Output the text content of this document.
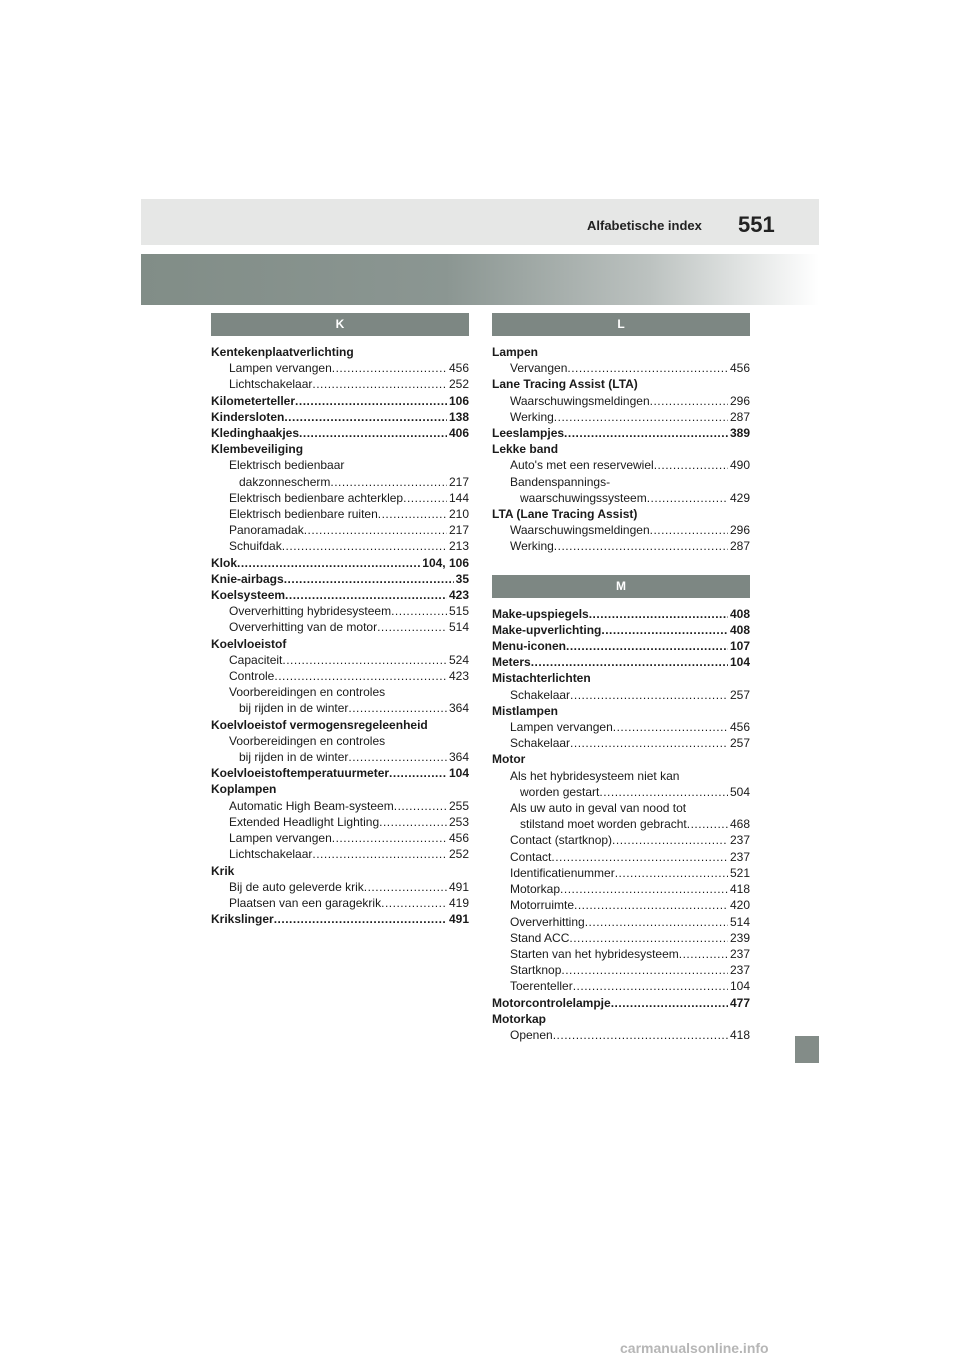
Alfabetische index 551
K
Kentekenplaatverlichting
Lampen vervangen .....	456
Lichtschakelaar .....	252
Kilometerteller .....	106
Kindersloten .....	138
Kledinghaakjes .....	406
Klembeveiliging
Elektrisch bedienbaar
dakzonnescherm .....	217
Elektrisch bedienbare achterklep .....	144
Elektrisch bedienbare ruiten .....	210
Panoramadak .....	217
Schuifdak .....	213
Klok .....	104, 106
Knie-airbags .....	35
Koelsysteem .....	423
Oververhitting hybridesysteem .....	515
Oververhitting van de motor .....	514
Koelvloeistof
Capaciteit .....	524
Controle .....	423
Voorbereidingen en controles
bij rijden in de winter .....	364
Koelvloeistof vermogensregeleenheid
Voorbereidingen en controles
bij rijden in de winter .....	364
Koelvloeistoftemperatuurmeter .....	104
Koplampen
Automatic High Beam-systeem .....	255
Extended Headlight Lighting .....	253
Lampen vervangen .....	456
Lichtschakelaar .....	252
Krik
Bij de auto geleverde krik .....	491
Plaatsen van een garagekrik .....	419
Krikslinger .....	491
L
Lampen
Vervangen .....	456
Lane Tracing Assist (LTA)
Waarschuwingsmeldingen .....	296
Werking .....	287
Leeslampjes .....	389
Lekke band
Auto's met een reservewiel .....	490
Bandenspannings-
waarschuwingssysteem .....	429
LTA (Lane Tracing Assist)
Waarschuwingsmeldingen .....	296
Werking .....	287
M
Make-upspiegels .....	408
Make-upverlichting .....	408
Menu-iconen .....	107
Meters .....	104
Mistachterlichten
Schakelaar .....	257
Mistlampen
Lampen vervangen .....	456
Schakelaar .....	257
Motor
Als het hybridesysteem niet kan
worden gestart .....	504
Als uw auto in geval van nood tot
stilstand moet worden gebracht .....	468
Contact (startknop) .....	237
Contact .....	237
Identificatienummer .....	521
Motorkap .....	418
Motorruimte .....	420
Oververhitting .....	514
Stand ACC .....	239
Starten van het hybridesysteem .....	237
Startknop .....	237
Toerenteller .....	104
Motorcontrolelampje .....	477
Motorkap
Openen .....	418
carmanualsonline.info
